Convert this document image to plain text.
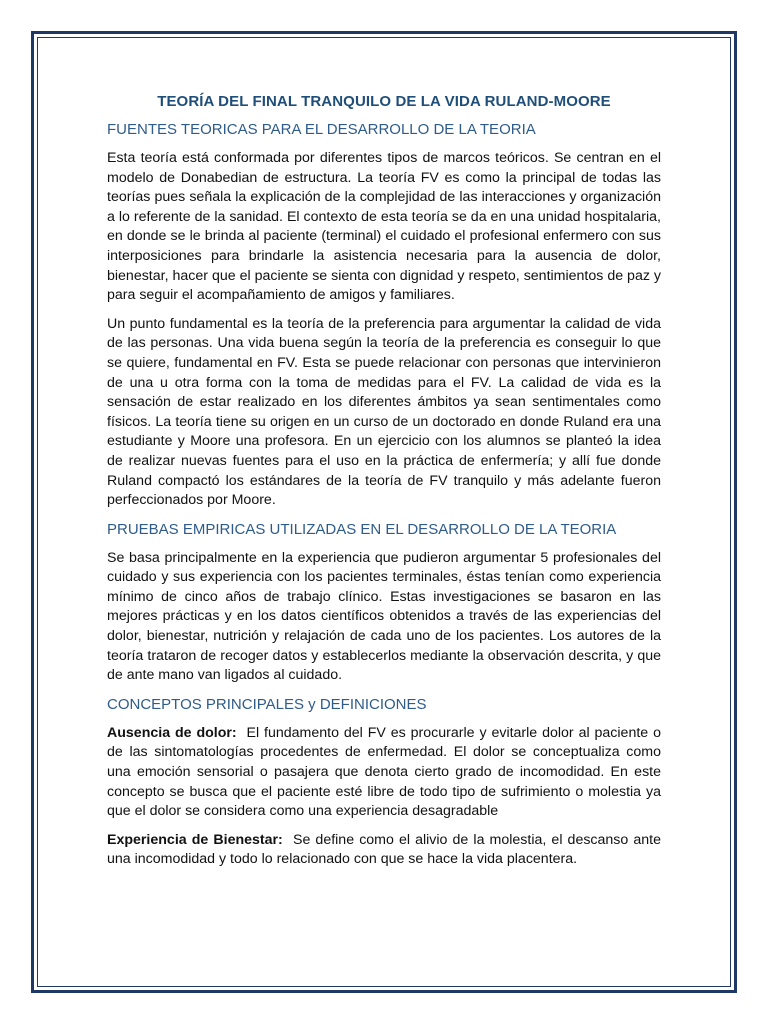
TEORÍA DEL FINAL TRANQUILO DE LA VIDA RULAND-MOORE
FUENTES TEORICAS PARA EL DESARROLLO DE LA TEORIA

Esta teoría está conformada por diferentes tipos de marcos teóricos. Se centran en el modelo de Donabedian de estructura. La teoría FV es como la principal de todas las teorías pues señala la explicación de la complejidad de las interacciones y organización a lo referente de la sanidad. El contexto de esta teoría se da en una unidad hospitalaria, en donde se le brinda al paciente (terminal) el cuidado el profesional enfermero con sus interposiciones para brindarle la asistencia necesaria para la ausencia de dolor, bienestar, hacer que el paciente se sienta con dignidad y respeto, sentimientos de paz y para seguir el acompañamiento de amigos y familiares.

Un punto fundamental es la teoría de la preferencia para argumentar la calidad de vida de las personas. Una vida buena según la teoría de la preferencia es conseguir lo que se quiere, fundamental en FV. Esta se puede relacionar con personas que intervinieron de una u otra forma con la toma de medidas para el FV. La calidad de vida es la sensación de estar realizado en los diferentes ámbitos ya sean sentimentales como físicos. La teoría tiene su origen en un curso de un doctorado en donde Ruland era una estudiante y Moore una profesora. En un ejercicio con los alumnos se planteó la idea de realizar nuevas fuentes para el uso en la práctica de enfermería; y allí fue donde Ruland compactó los estándares de la teoría de FV tranquilo y más adelante fueron perfeccionados por Moore.

PRUEBAS EMPIRICAS UTILIZADAS EN EL DESARROLLO DE LA TEORIA

Se basa principalmente en la experiencia que pudieron argumentar 5 profesionales del cuidado y sus experiencia con los pacientes terminales, éstas tenían como experiencia mínimo de cinco años de trabajo clínico. Estas investigaciones se basaron en las mejores prácticas y en los datos científicos obtenidos a través de las experiencias del dolor, bienestar, nutrición y relajación de cada uno de los pacientes. Los autores de la teoría trataron de recoger datos y establecerlos mediante la observación descrita, y que de ante mano van ligados al cuidado.

CONCEPTOS PRINCIPALES y DEFINICIONES

Ausencia de dolor:  El fundamento del FV es procurarle y evitarle dolor al paciente o de las sintomatologías procedentes de enfermedad. El dolor se conceptualiza como una emoción sensorial o pasajera que denota cierto grado de incomodidad. En este concepto se busca que el paciente esté libre de todo tipo de sufrimiento o molestia ya que el dolor se considera como una experiencia desagradable

Experiencia de Bienestar:  Se define como el alivio de la molestia, el descanso ante una incomodidad y todo lo relacionado con que se hace la vida placentera.
